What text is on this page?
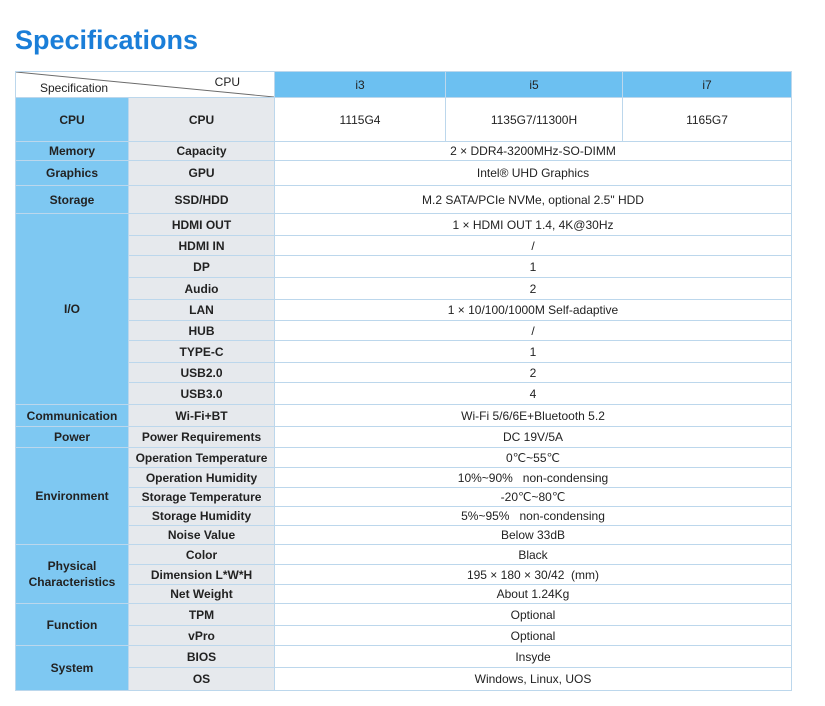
Specifications
CPU
Specification		i3	i5	i7
CPU	CPU	1115G4	1135G7/11300H	1165G7
Memory	Capacity	2 × DDR4-3200MHz-SO-DIMM		
Graphics	GPU	Intel® UHD Graphics		
Storage	SSD/HDD	M.2 SATA/PCIe NVMe, optional 2.5" HDD		
I/O	HDMI OUT	1 × HDMI OUT 1.4, 4K@30Hz		
	HDMI IN	/		
	DP	1		
	Audio	2		
	LAN	1 × 10/100/1000M Self-adaptive		
	HUB	/		
	TYPE-C	1		
	USB2.0	2		
	USB3.0	4		
Communication	Wi-Fi+BT	Wi-Fi 5/6/6E+Bluetooth 5.2		
Power	Power Requirements	DC 19V/5A		
Environment	Operation Temperature	0℃~55℃		
	Operation Humidity	10%~90%   non-condensing		
	Storage Temperature	-20℃~80℃		
	Storage Humidity	5%~95%   non-condensing		
	Noise Value	Below 33dB		
Physical
Characteristics	Color	Black		
	Dimension L*W*H	195 × 180 × 30/42  (mm)		
	Net Weight	About 1.24Kg		
Function	TPM	Optional		
	vPro	Optional		
System	BIOS	Insyde		
	OS	Windows, Linux, UOS		
